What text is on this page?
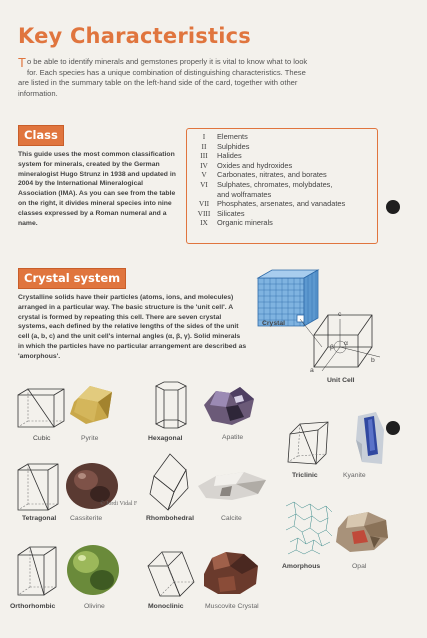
Key Characteristics
T o be able to identify minerals and gemstones properly it is vital to know what to look for. Each species has a unique combination of distinguishing characteristics. These are listed in the summary table on the left-hand side of the card, together with other information.
Class
This guide uses the most common classification system for minerals, created by the German mineralogist Hugo Strunz in 1938 and updated in 2004 by the International Mineralogical Association (IMA). As you can see from the table on the right, it divides mineral species into nine classes expressed by a Roman numeral and a name.
I	Elements
II	Sulphides
III	Halides
IV	Oxides and hydroxides
V	Carbonates, nitrates, and borates
VI	Sulphates, chromates, molybdates,
and wolframates
VII	Phosphates, arsenates, and vanadates
VIII Silicates
IX	Organic minerals
Crystal system
Crystalline solids have their particles (atoms, ions, and molecules) arranged in a particular way. The basic structure is the 'unit cell'. A crystal is formed by repeating this cell. There are seven crystal systems, each defined by the relative lengths of the sides of the unit cell (a, b, c) and the unit cell's internal angles (α, β, γ). Solid minerals in which the particles have no particular arrangement are described as 'amorphous'.
Crystal
c
a
b
β
α
Unit Cell
Cubic	Pyrite	Hexagonal	Apatite
Triclinic	Kyanite
Tetragonal
© Jordi Vidal F
Cassiterite	Rhombohedral	Calcite
Amorphous	Opal
Orthorhombic	Olivine	Monoclinic	Muscovite Crystal
